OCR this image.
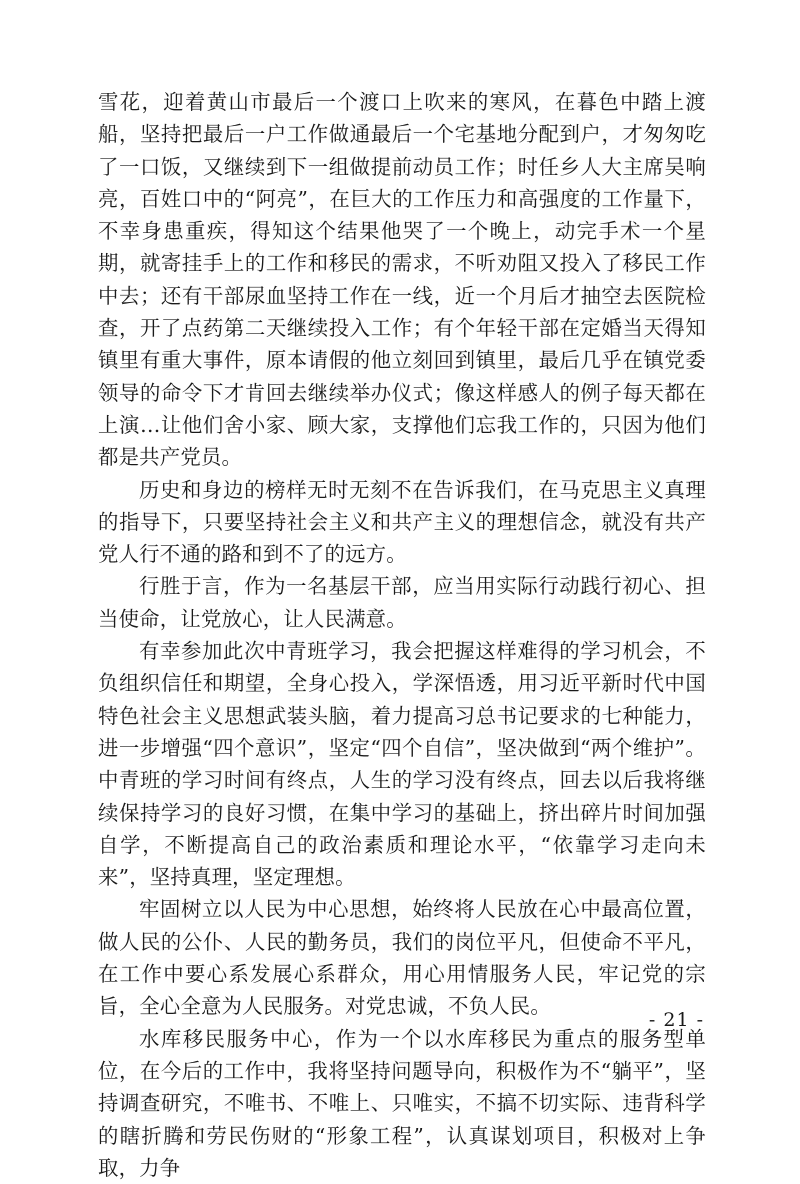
雪花，迎着黄山市最后一个渡口上吹来的寒风，在暮色中踏上渡船，坚持把最后一户工作做通最后一个宅基地分配到户，才匆匆吃了一口饭，又继续到下一组做提前动员工作；时任乡人大主席吴响亮，百姓口中的“阿亮”，在巨大的工作压力和高强度的工作量下，不幸身患重疾，得知这个结果他哭了一个晚上，动完手术一个星期，就寄挂手上的工作和移民的需求，不听劝阻又投入了移民工作中去；还有干部尿血坚持工作在一线，近一个月后才抽空去医院检查，开了点药第二天继续投入工作；有个年轻干部在定婚当天得知镇里有重大事件，原本请假的他立刻回到镇里，最后几乎在镇党委领导的命令下才肯回去继续举办仪式；像这样感人的例子每天都在上演…让他们舍小家、顾大家，支撑他们忘我工作的，只因为他们都是共产党员。

历史和身边的榜样无时无刻不在告诉我们，在马克思主义真理的指导下，只要坚持社会主义和共产主义的理想信念，就没有共产党人行不通的路和到不了的远方。

行胜于言，作为一名基层干部，应当用实际行动践行初心、担当使命，让党放心，让人民满意。

有幸参加此次中青班学习，我会把握这样难得的学习机会，不负组织信任和期望，全身心投入，学深悟透，用习近平新时代中国特色社会主义思想武装头脑，着力提高习总书记要求的七种能力，进一步增强“四个意识”，坚定“四个自信”，坚决做到“两个维护”。中青班的学习时间有终点，人生的学习没有终点，回去以后我将继续保持学习的良好习惯，在集中学习的基础上，挤出碎片时间加强自学，不断提高自己的政治素质和理论水平，“依靠学习走向未来”，坚持真理，坚定理想。

牢固树立以人民为中心思想，始终将人民放在心中最高位置，做人民的公仆、人民的勤务员，我们的岗位平凡，但使命不平凡，在工作中要心系发展心系群众，用心用情服务人民，牢记党的宗旨，全心全意为人民服务。对党忠诚，不负人民。

水库移民服务中心，作为一个以水库移民为重点的服务型单位，在今后的工作中，我将坚持问题导向，积极作为不“躺平”，坚持调查研究，不唯书、不唯上、只唯实，不搞不切实际、违背科学的瞎折腾和劳民伤财的“形象工程”，认真谋划项目，积极对上争取，力争

- 21 -
